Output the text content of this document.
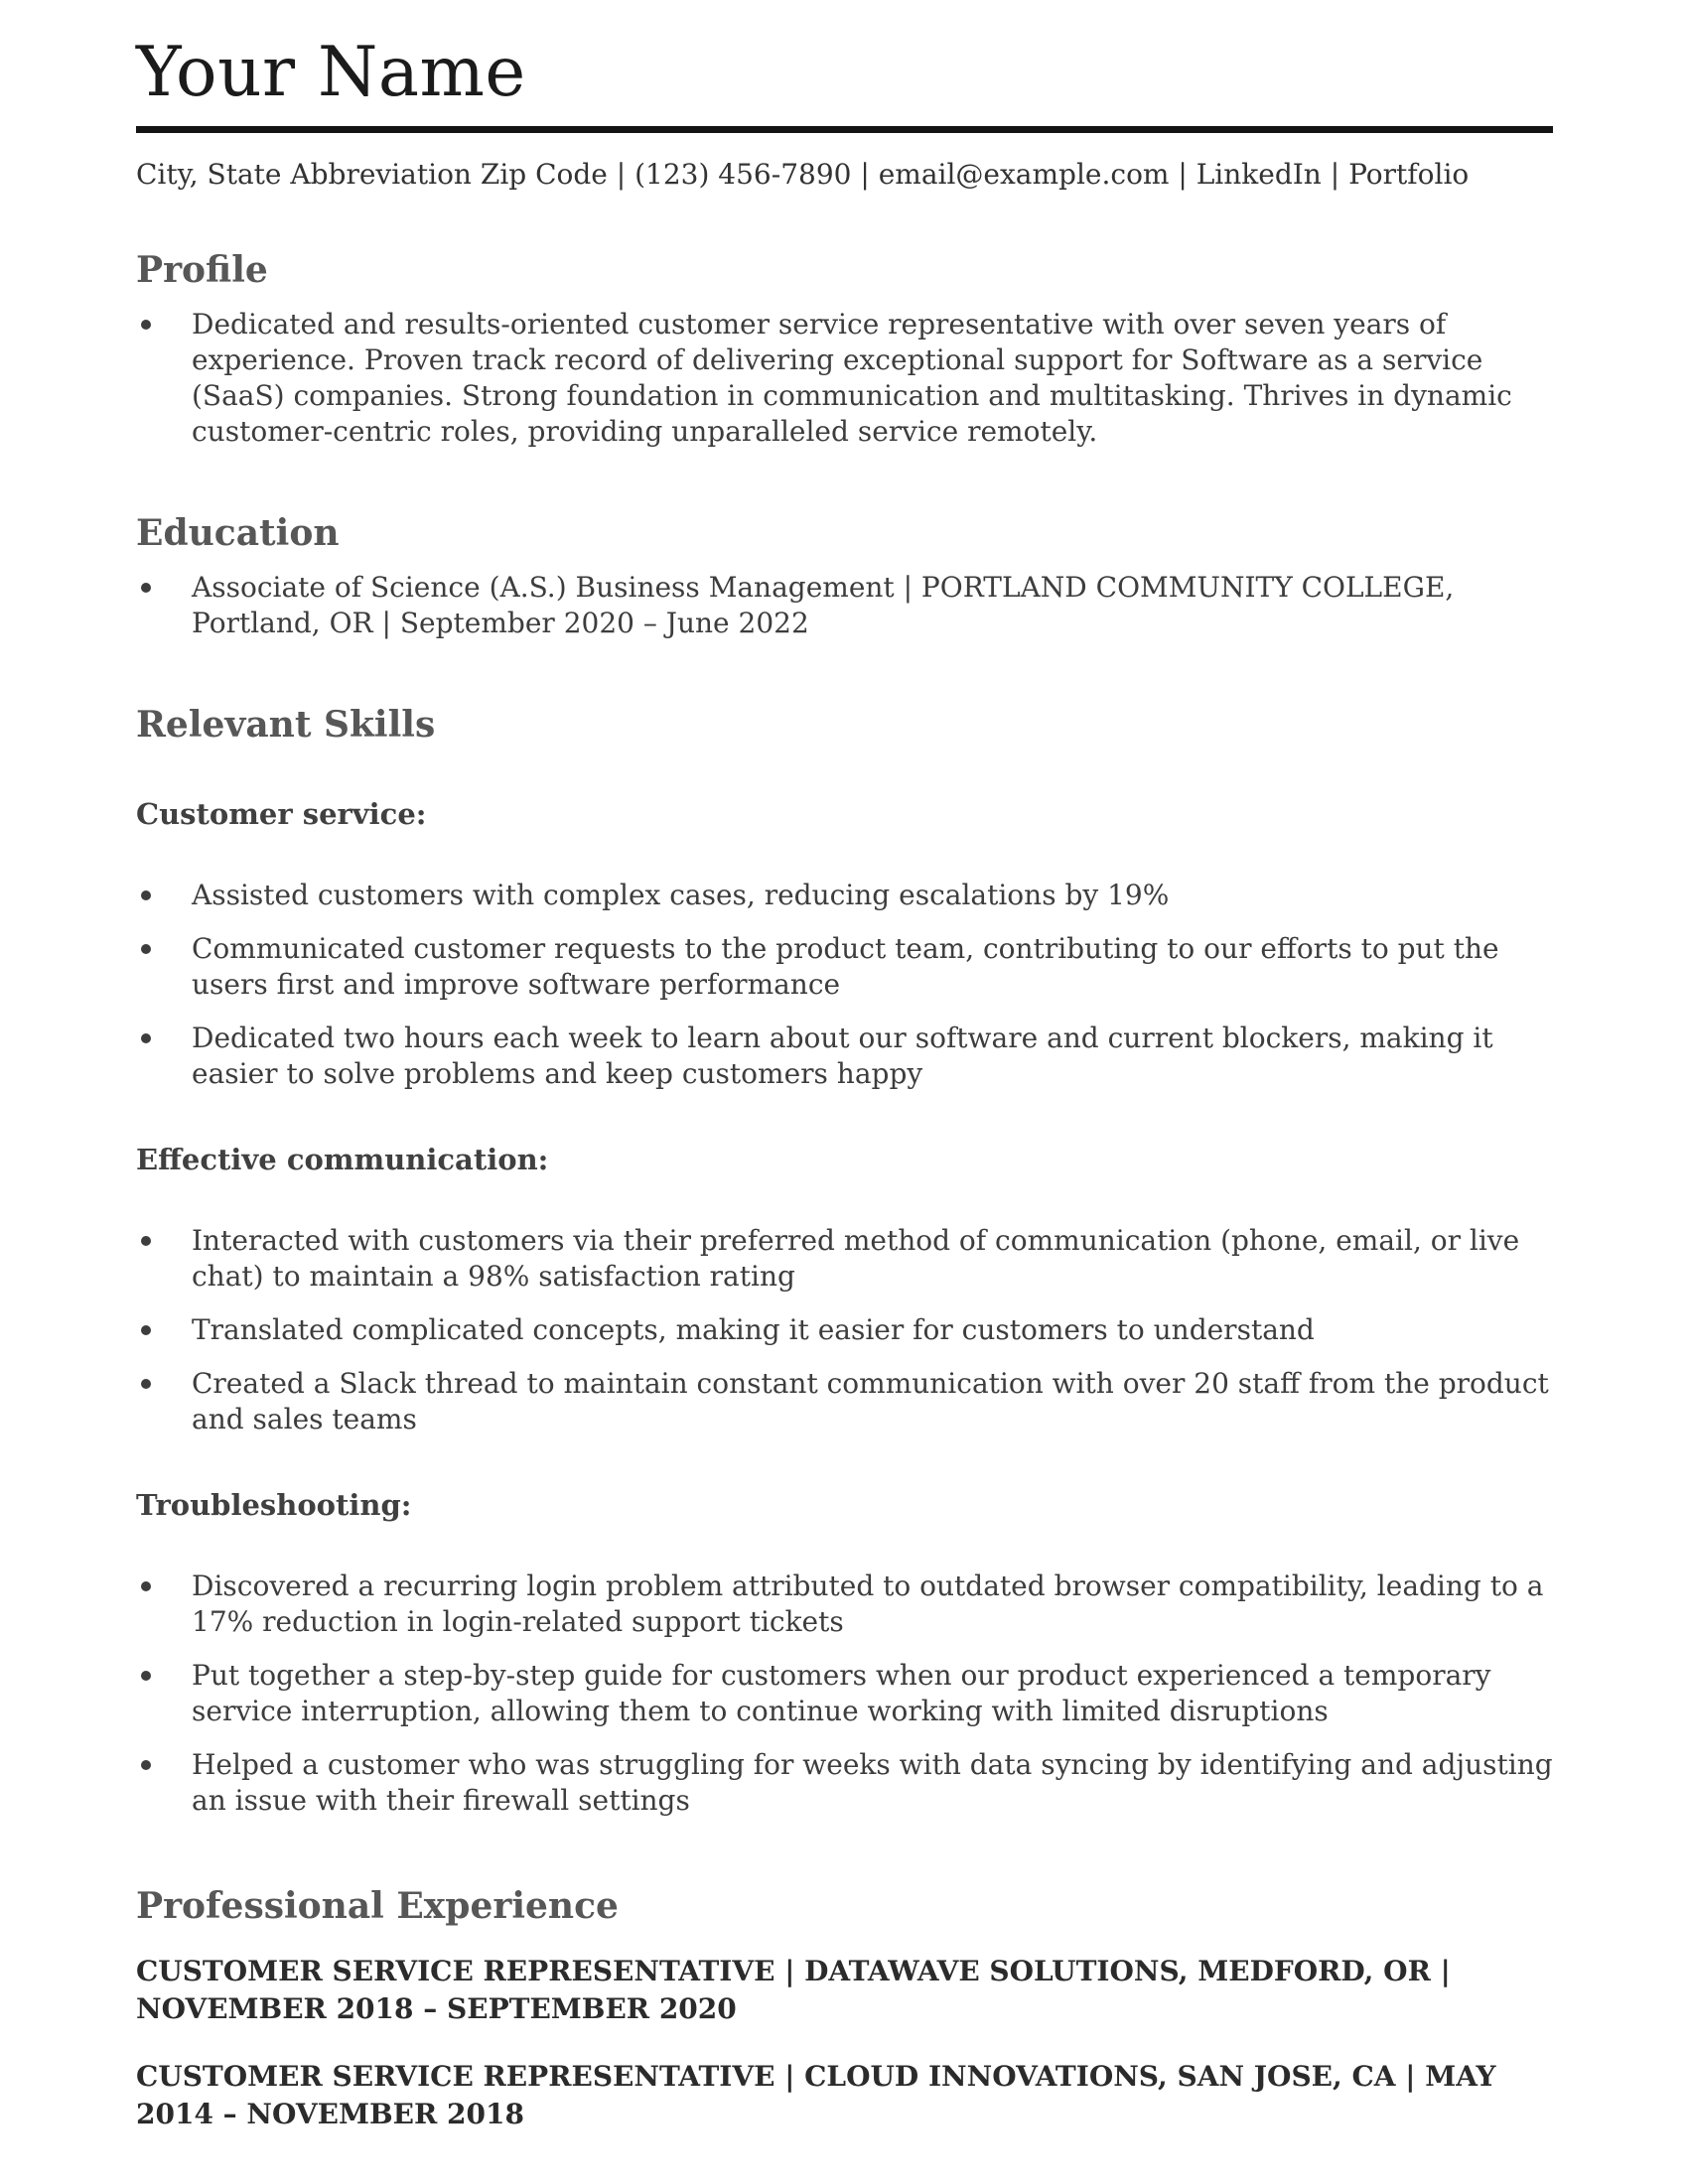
Your Name

City, State Abbreviation Zip Code | (123) 456-7890 | email@example.com | LinkedIn | Portfolio

Profile
Dedicated and results-oriented customer service representative with over seven years of experience. Proven track record of delivering exceptional support for Software as a service (SaaS) companies. Strong foundation in communication and multitasking. Thrives in dynamic customer-centric roles, providing unparalleled service remotely.
Education
Associate of Science (A.S.) Business Management | PORTLAND COMMUNITY COLLEGE, Portland, OR | September 2020 – June 2022
Relevant Skills
Customer service:
Assisted customers with complex cases, reducing escalations by 19%
Communicated customer requests to the product team, contributing to our efforts to put the users first and improve software performance
Dedicated two hours each week to learn about our software and current blockers, making it easier to solve problems and keep customers happy
Effective communication:
Interacted with customers via their preferred method of communication (phone, email, or live chat) to maintain a 98% satisfaction rating
Translated complicated concepts, making it easier for customers to understand
Created a Slack thread to maintain constant communication with over 20 staff from the product and sales teams
Troubleshooting:
Discovered a recurring login problem attributed to outdated browser compatibility, leading to a 17% reduction in login-related support tickets
Put together a step-by-step guide for customers when our product experienced a temporary service interruption, allowing them to continue working with limited disruptions
Helped a customer who was struggling for weeks with data syncing by identifying and adjusting an issue with their firewall settings
Professional Experience

CUSTOMER SERVICE REPRESENTATIVE | DATAWAVE SOLUTIONS, MEDFORD, OR | NOVEMBER 2018 – SEPTEMBER 2020

CUSTOMER SERVICE REPRESENTATIVE | CLOUD INNOVATIONS, SAN JOSE, CA | MAY 2014 – NOVEMBER 2018
